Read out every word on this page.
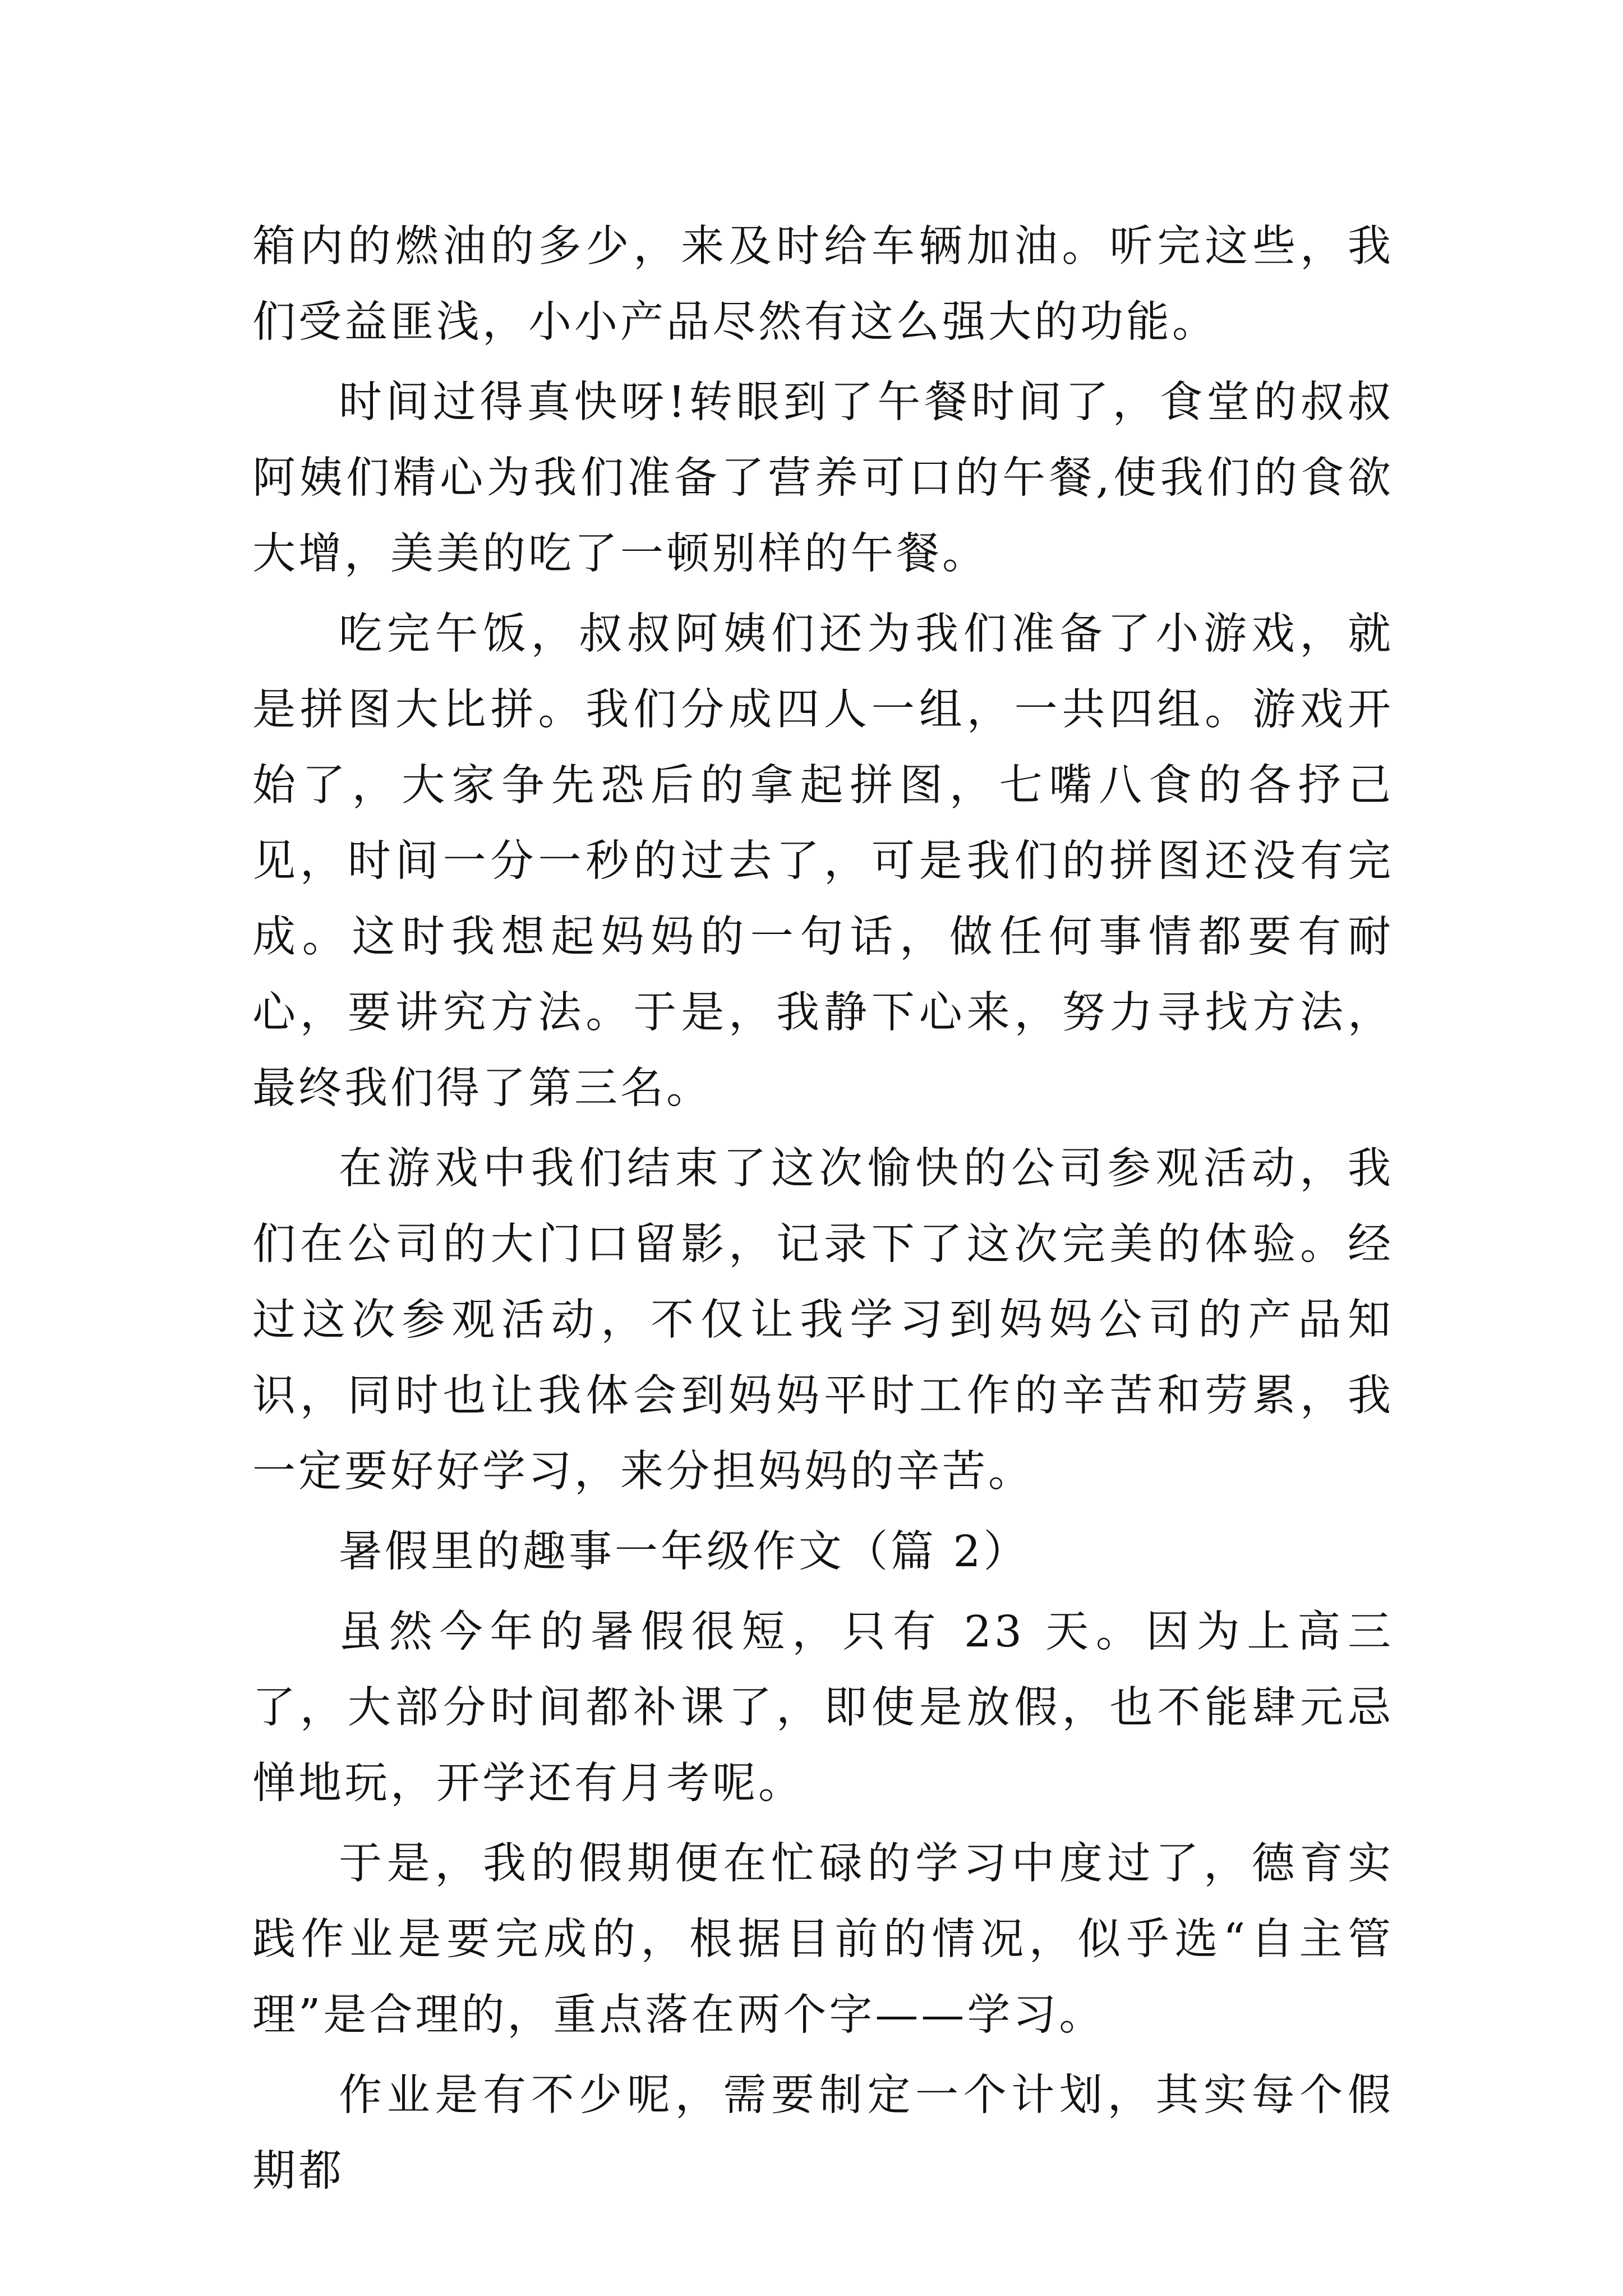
箱内的燃油的多少，来及时给车辆加油。听完这些，我们受益匪浅，小小产品尽然有这么强大的功能。

时间过得真快呀!转眼到了午餐时间了，食堂的叔叔阿姨们精心为我们准备了营养可口的午餐,使我们的食欲大增，美美的吃了一顿别样的午餐。

吃完午饭，叔叔阿姨们还为我们准备了小游戏，就是拼图大比拼。我们分成四人一组，一共四组。游戏开始了，大家争先恐后的拿起拼图，七嘴八食的各抒己见，时间一分一秒的过去了，可是我们的拼图还没有完成。这时我想起妈妈的一句话，做任何事情都要有耐心，要讲究方法。于是，我静下心来，努力寻找方法，最终我们得了第三名。

在游戏中我们结束了这次愉快的公司参观活动，我们在公司的大门口留影，记录下了这次完美的体验。经过这次参观活动，不仅让我学习到妈妈公司的产品知识，同时也让我体会到妈妈平时工作的辛苦和劳累，我一定要好好学习，来分担妈妈的辛苦。

暑假里的趣事一年级作文（篇 2）

虽然今年的暑假很短，只有 23 天。因为上高三了，大部分时间都补课了，即使是放假，也不能肆元忌惮地玩，开学还有月考呢。

于是，我的假期便在忙碌的学习中度过了，德育实践作业是要完成的，根据目前的情况，似乎选“自主管理”是合理的，重点落在两个字——学习。

作业是有不少呢，需要制定一个计划，其实每个假期都
